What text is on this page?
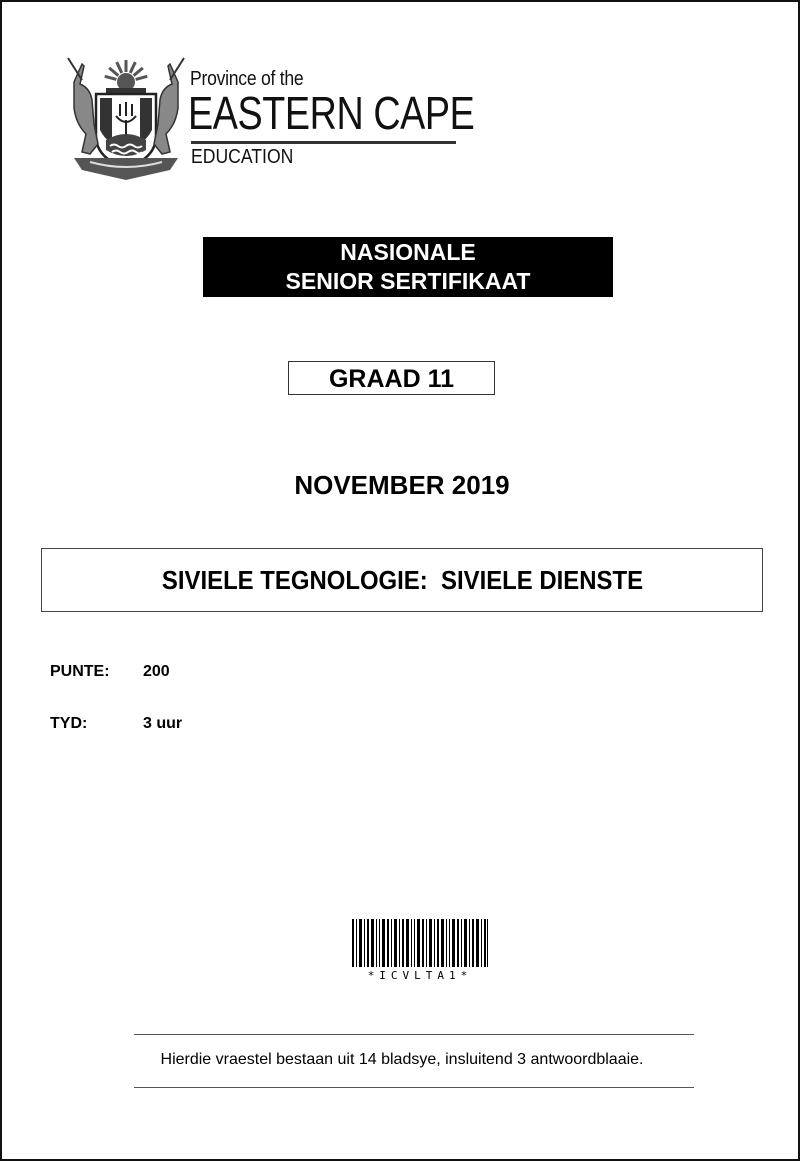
Province of the
EASTERN CAPE
EDUCATION
NASIONALE
SENIOR SERTIFIKAAT
GRAAD 11
NOVEMBER 2019
SIVIELE TEGNOLOGIE:  SIVIELE DIENSTE
PUNTE: 200
TYD:	3 uur
*ICVLTA1*
Hierdie vraestel bestaan uit 14 bladsye, insluitend 3 antwoordblaaie.
